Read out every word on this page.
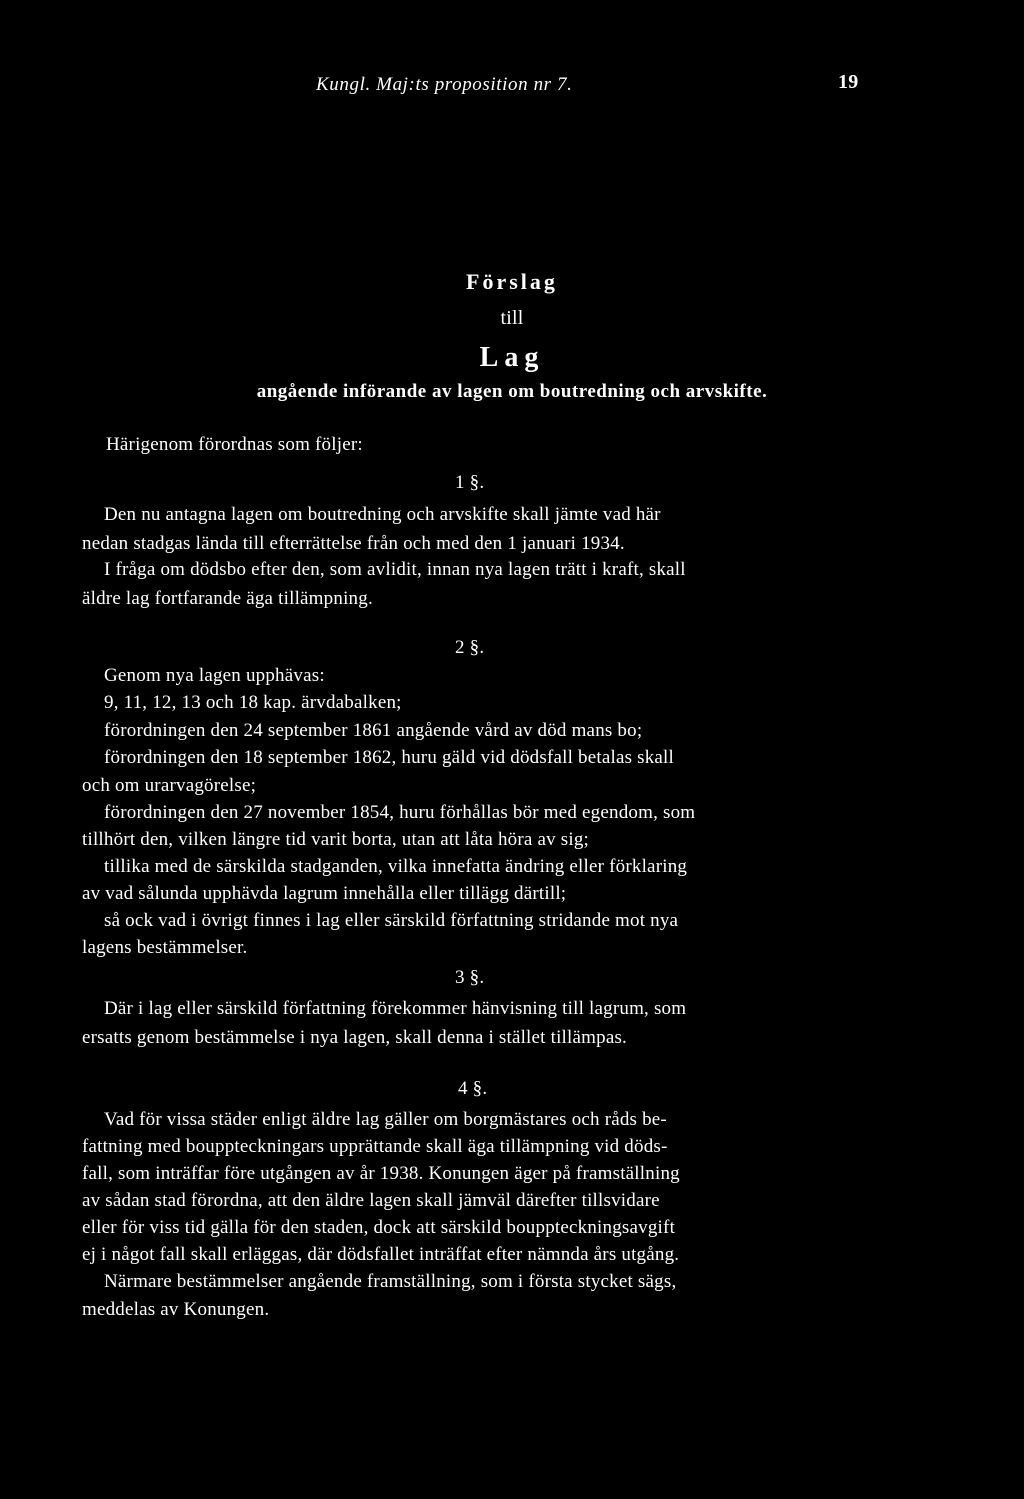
Kungl. Maj:ts proposition nr 7.	19
Förslag
till
Lag
angående införande av lagen om boutredning och arvskifte.
Härigenom förordnas som följer:
1 §.
Den nu antagna lagen om boutredning och arvskifte skall jämte vad här
nedan stadgas lända till efterrättelse från och med den 1 januari 1934.
I fråga om dödsbo efter den, som avlidit, innan nya lagen trätt i kraft, skall
äldre lag fortfarande äga tillämpning.
2 §.
Genom nya lagen upphävas:
9, 11, 12, 13 och 18 kap. ärvdabalken;
förordningen den 24 september 1861 angående vård av död mans bo;
förordningen den 18 september 1862, huru gäld vid dödsfall betalas skall
och om urarvagörelse;
förordningen den 27 november 1854, huru förhållas bör med egendom, som
tillhört den, vilken längre tid varit borta, utan att låta höra av sig;
tillika med de särskilda stadganden, vilka innefatta ändring eller förklaring
av vad sålunda upphävda lagrum innehålla eller tillägg därtill;
så ock vad i övrigt finnes i lag eller särskild författning stridande mot nya
lagens bestämmelser.
3 §.
Där i lag eller särskild författning förekommer hänvisning till lagrum, som
ersatts genom bestämmelse i nya lagen, skall denna i stället tillämpas.
4 §.
Vad för vissa städer enligt äldre lag gäller om borgmästares och råds be-
fattning med bouppteckningars upprättande skall äga tillämpning vid döds-
fall, som inträffar före utgången av år 1938. Konungen äger på framställning
av sådan stad förordna, att den äldre lagen skall jämväl därefter tillsvidare
eller för viss tid gälla för den staden, dock att särskild bouppteckningsavgift
ej i något fall skall erläggas, där dödsfallet inträffat efter nämnda års utgång.
Närmare bestämmelser angående framställning, som i första stycket sägs,
meddelas av Konungen.
